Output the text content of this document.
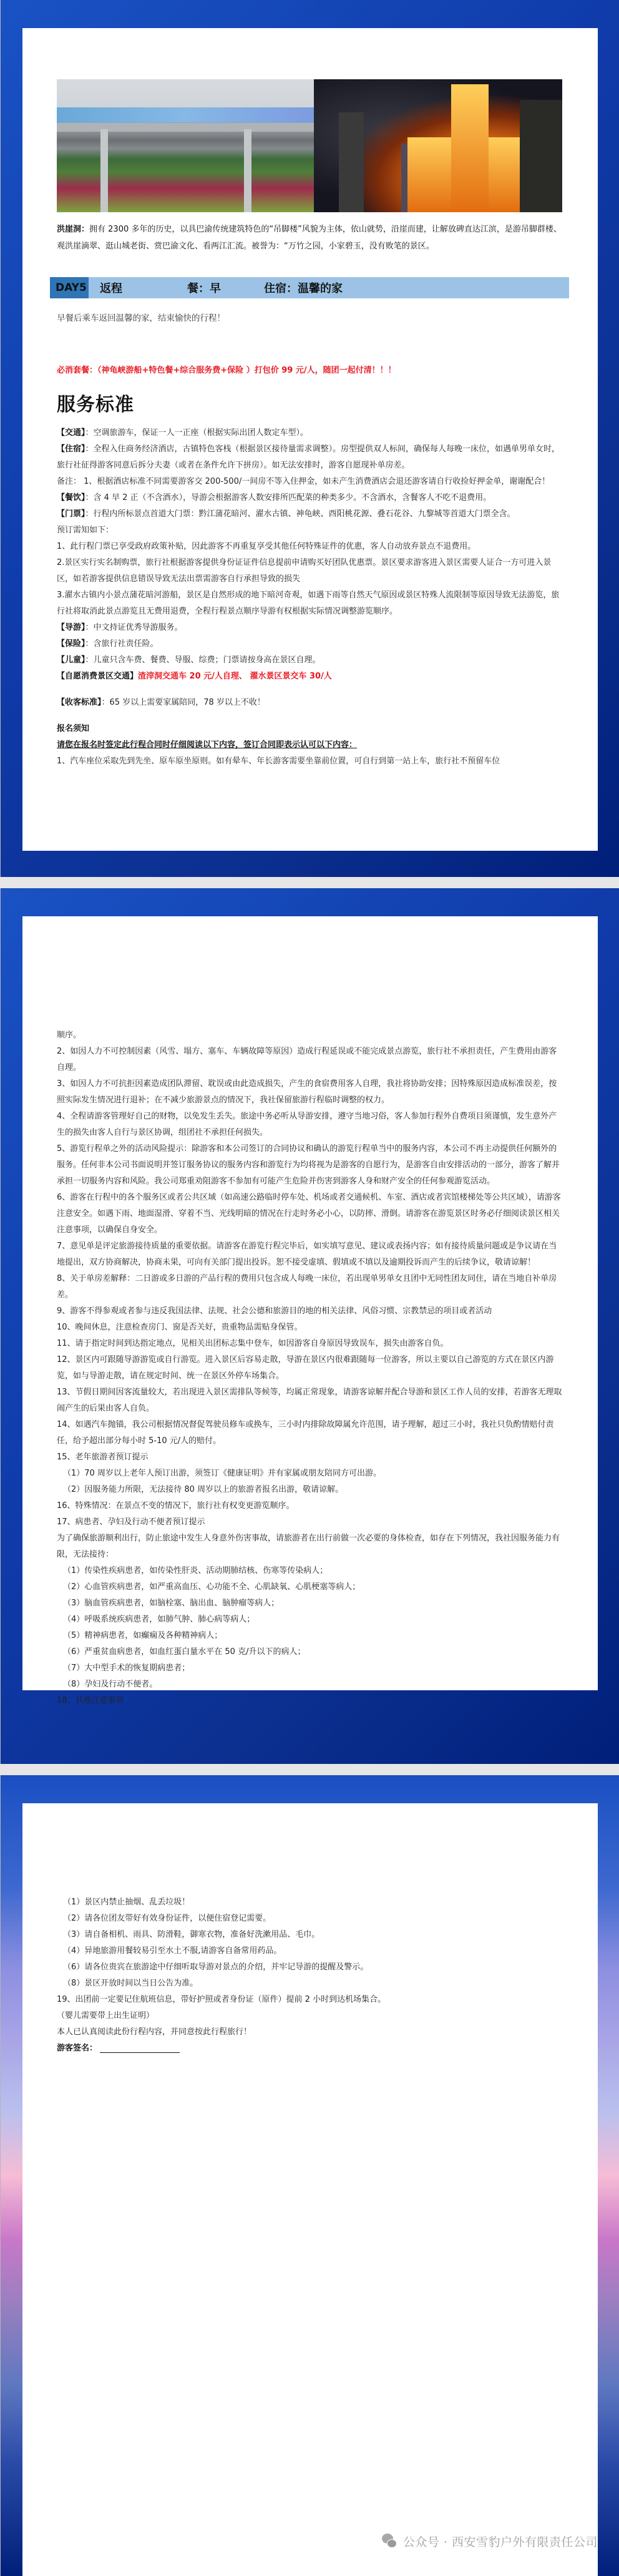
洪崖洞：拥有 2300 多年的历史，以具巴渝传统建筑特色的“吊脚楼”风貌为主体，依山就势，沿崖而建，让解放碑直达江滨，是游吊脚群楼、观洪崖滴翠、逛山城老街、赏巴渝文化、看两江汇流。被誉为：“万竹之园，小家碧玉，没有败笔的景区。
DAY5 返程	餐：早	住宿：温馨的家
早餐后乘车返回温馨的家，结束愉快的行程！
必消套餐：（神龟峡游船+特色餐+综合服务费+保险 ）打包价 99 元/人，随团一起付清！！！
服务标准

【交通】：空调旅游车，保证一人一正座（根据实际出团人数定车型）。

【住宿】：全程入住商务经济酒店，古镇特色客栈（根据景区接待量需求调整）。房型提供双人标间，确保每人每晚一床位，如遇单男单女时，旅行社征得游客同意后拆分夫妻（或者在条件允许下拼房）。如无法安排时，游客自愿现补单房差。

备注： 1、根据酒店标准不同需要游客交 200-500/一间房不等入住押金，如未产生消费酒店会退还游客请自行收捡好押金单，谢谢配合！

【餐饮】：含 4 早 2 正（不含酒水），导游会根据游客人数安排所匹配菜的种类多少。不含酒水，含餐客人不吃不退费用。

【门票】：行程内所标景点首道大门票：黔江蒲花暗河、濯水古镇、神龟峡、酉阳桃花源、叠石花谷、九黎城等首道大门票全含。

预订需知如下：

1、此行程门票已享受政府政策补贴，因此游客不再重复享受其他任何特殊证件的优惠，客人自动放弃景点不退费用。

2.景区实行实名制购票，旅行社根据游客提供身份证证件信息提前申请购买好团队优惠票。景区要求游客进入景区需要人证合一方可进入景区，如若游客提供信息错误导致无法出票需游客自行承担导致的损失

3.濯水古镇内小景点蒲花暗河游船，景区是自然形成的地下暗河奇观，如遇下雨等自然天气原因或景区特殊人流限制等原因导致无法游览，旅行社将取消此景点游览且无费用退费，全程行程景点顺序导游有权根据实际情况调整游览顺序。

【导游】：中文持证优秀导游服务。

【保险】：含旅行社责任险。

【儿童】：儿童只含车费、餐费、导服、综费；门票请按身高在景区自理。

【自愿消费景区交通】渣滓洞交通车 20 元/人自理、 濯水景区景交车 30/人

【收客标准】：65 岁以上需要家属陪同，78 岁以上不收！

报名须知

请您在报名时签定此行程合同时仔细阅读以下内容，签订合同即表示认可以下内容：

1、汽车座位采取先到先坐、原车原坐原则。如有晕车、年长游客需要坐靠前位置，可自行到第一站上车，旅行社不预留车位

顺序。

2、如因人力不可控制因素（风雪、塌方、塞车、车辆故障等原因）造成行程延误或不能完成景点游览，旅行社不承担责任，产生费用由游客自理。

3、如因人力不可抗拒因素造成团队滞留、耽误或由此造成损失，产生的食宿费用客人自理，我社将协助安排；因特殊原因造成标准误差，按照实际发生情况进行退补；在不减少旅游景点的情况下，我社保留旅游行程临时调整的权力。

4、全程请游客管理好自己的财物，以免发生丢失。旅途中务必听从导游安排，遵守当地习俗，客人参加行程外自费项目须谨慎，发生意外产生的损失由客人自行与景区协调，组团社不承担任何损失。

5、游览行程单之外的活动风险提示：除游客和本公司签订的合同协议和确认的游览行程单当中的服务内容，本公司不再主动提供任何额外的服务。任何非本公司书面说明并签订服务协议的服务内容和游览行为均将视为是游客的自愿行为，是游客自由安排活动的一部分，游客了解并承担一切服务内容和风险。我公司郑重劝阻游客不参加有可能产生危险并伤害到游客人身和财产安全的任何参观游览活动。

6、游客在行程中的各个服务区或者公共区域（如高速公路临时停车处、机场或者交通候机、车室、酒店或者宾馆楼梯处等公共区域），请游客注意安全。如遇下雨、地面湿滑、穿着不当、光线明暗的情况在行走时务必小心，以防摔、滑倒。请游客在游览景区时务必仔细阅读景区相关注意事项，以确保自身安全。

7、意见单是评定旅游接待质量的重要依据。请游客在游览行程完毕后，如实填写意见、建议或表扬内容；如有接待质量问题或是争议请在当地提出，双方协商解决，协商未果，可向有关部门提出投诉。恕不接受虚填、假填或不填以及逾期投诉而产生的后续争议，敬请谅解！

8、关于单房差解释：二日游或多日游的产品行程的费用只包含成人每晚一床位，若出现单男单女且团中无同性团友同住，请在当地自补单房差。

9、游客不得参观或者参与违反我国法律、法规、社会公德和旅游目的地的相关法律、风俗习惯、宗教禁忌的项目或者活动

10、晚间休息，注意检查房门、窗是否关好，贵重物品需贴身保管。

11、请于指定时间到达指定地点，见相关出团标志集中登车，如因游客自身原因导致误车，损失由游客自负。

12、景区内可跟随导游游览或自行游览。进入景区后容易走散，导游在景区内很难跟随每一位游客，所以主要以自己游览的方式在景区内游览，如与导游走散，请在规定时间、统一在景区外停车场集合。

13、节假日期间因客流量较大，若出现进入景区需排队等候等，均属正常现象，请游客谅解并配合导游和景区工作人员的安排，若游客无理取闹产生的后果由客人自负。

14、如遇汽车抛锚，我公司根据情况督促驾驶员修车或换车，三小时内排除故障属允许范围，请予理解，超过三小时，我社只负酌情赔付责任，给予超出部分每小时 5-10 元/人的赔付。

15、老年旅游者预订提示

（1）70 周岁以上老年人预订出游，须签订《健康证明》并有家属或朋友陪同方可出游。

（2）因服务能力所限，无法接待 80 周岁以上的旅游者报名出游，敬请谅解。

16、特殊情况：在景点不变的情况下，旅行社有权变更游览顺序。

17、病患者、孕妇及行动不便者预订提示

为了确保旅游顺利出行，防止旅途中发生人身意外伤害事故，请旅游者在出行前做一次必要的身体检查，如存在下列情况，我社因服务能力有限，无法接待：

（1）传染性疾病患者，如传染性肝炎、活动期肺结核、伤寒等传染病人；

（2）心血管疾病患者，如严重高血压、心功能不全、心肌缺氧、心肌梗塞等病人；

（3）脑血管疾病患者，如脑栓塞、脑出血、脑肿瘤等病人；

（4）呼吸系统疾病患者，如肺气肿、肺心病等病人；

（5）精神病患者，如癫痫及各种精神病人；

（6）严重贫血病患者，如血红蛋白量水平在 50 克/升以下的病人；

（7）大中型手术的恢复期病患者；

（8）孕妇及行动不便者。

18、其他注意事项

（1）景区内禁止抽烟、乱丢垃圾！

（2）请各位团友带好有效身份证件，以便住宿登记需要。

（3）请自备相机、雨具、防滑鞋，御寒衣物，准备好洗漱用品、毛巾。

（4）异地旅游用餐较易引至水土不服,请游客自备常用药品。

（6）请各位贵宾在旅游途中仔细听取导游对景点的介绍，并牢记导游的提醒及警示。

（8）景区开放时间以当日公告为准。

19、出团前一定要记住航班信息，带好护照或者身份证（原件）提前 2 小时到达机场集合。

（婴儿需要带上出生证明）

本人已认真阅读此份行程内容，并同意按此行程旅行！

游客签名：

公众号 · 西安雪豹户外有限责任公司
